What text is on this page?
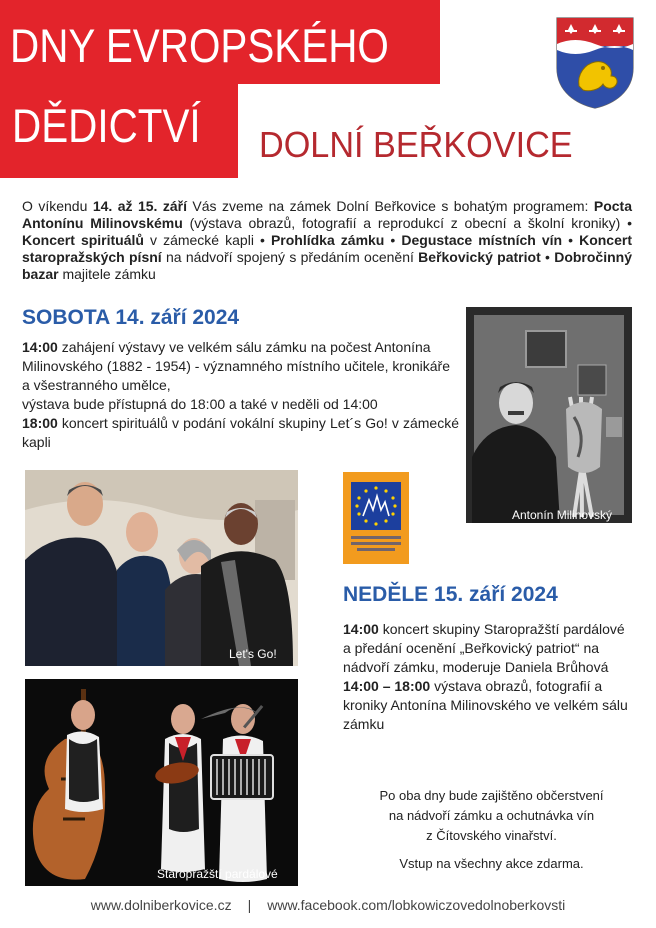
DNY EVROPSKÉHO
DĚDICTVÍ DOLNÍ BEŘKOVICE
O víkendu 14. až 15. září Vás zveme na zámek Dolní Beřkovice s bohatým programem: Pocta Antonínu Milinovskému (výstava obrazů, fotografií a reprodukcí z obecní a školní kroniky) • Koncert spirituálů v zámecké kapli • Prohlídka zámku • Degustace místních vín • Koncert staropražských písní na nádvoří spojený s předáním ocenění Beřkovický patriot • Dobročinný bazar majitele zámku
SOBOTA 14. září 2024
14:00 zahájení výstavy ve velkém sálu zámku na počest Antonína Milinovského (1882 - 1954) - významného místního učitele, kronikáře a všestranného umělce,
výstava bude přístupná do 18:00 a také v neděli od 14:00
18:00 koncert spirituálů v podání vokální skupiny Let´s Go! v zámecké kapli
Antonín Milinovský
Let's Go!
Staropražští pardálové
NEDĚLE 15. září 2024
14:00 koncert skupiny Staropražští pardálové a předání ocenění „Beřkovický patriot“ na nádvoří zámku, moderuje Daniela Brůhová
14:00 – 18:00 výstava obrazů, fotografií a kroniky Antonína Milinovského ve velkém sálu zámku
Po oba dny bude zajištěno občerstvení
na nádvoří zámku a ochutnávka vín
z Čítovského vinařství.
Vstup na všechny akce zdarma.
www.dolniberkovice.cz | www.facebook.com/lobkowiczovedolnoberkovsti
